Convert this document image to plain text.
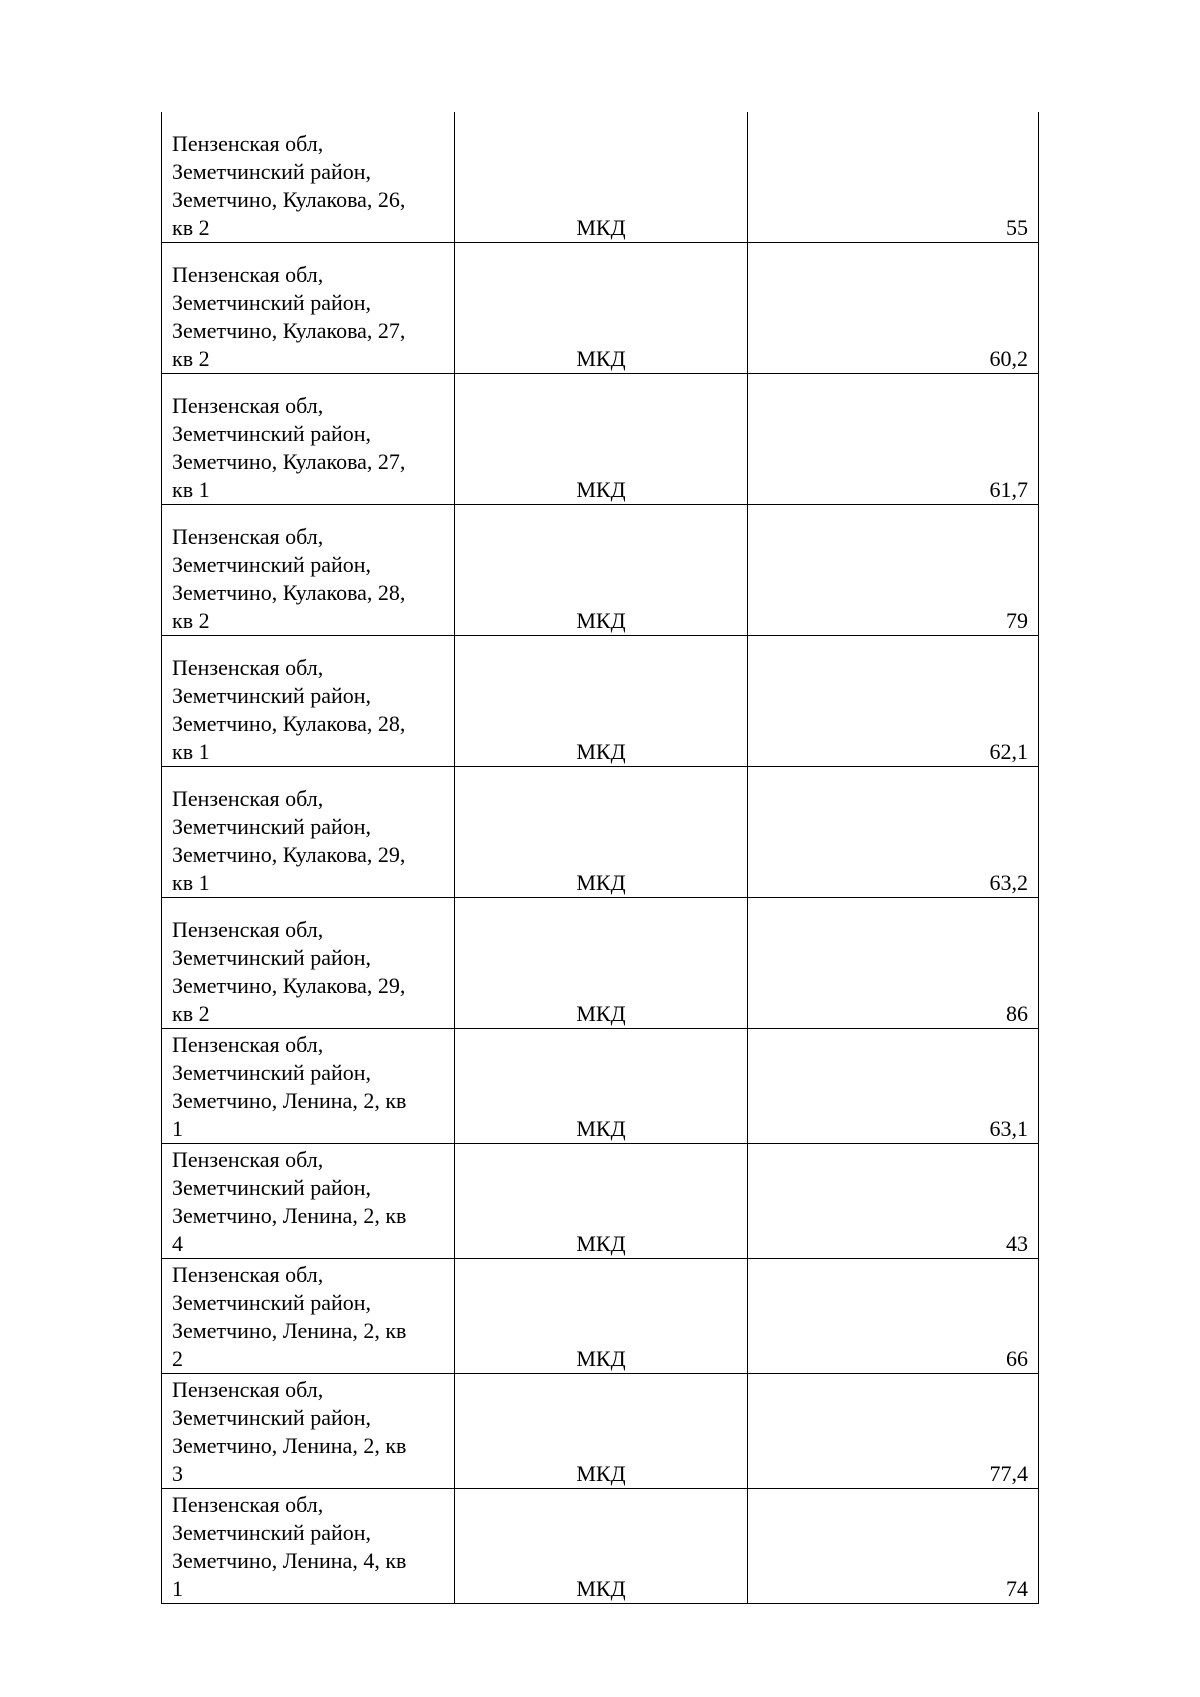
Пензенская обл,
Земетчинский район,
Земетчино, Кулакова, 26,
кв 2	МКД	55
Пензенская обл,
Земетчинский район,
Земетчино, Кулакова, 27,
кв 2	МКД	60,2
Пензенская обл,
Земетчинский район,
Земетчино, Кулакова, 27,
кв 1	МКД	61,7
Пензенская обл,
Земетчинский район,
Земетчино, Кулакова, 28,
кв 2	МКД	79
Пензенская обл,
Земетчинский район,
Земетчино, Кулакова, 28,
кв 1	МКД	62,1
Пензенская обл,
Земетчинский район,
Земетчино, Кулакова, 29,
кв 1	МКД	63,2
Пензенская обл,
Земетчинский район,
Земетчино, Кулакова, 29,
кв 2	МКД	86
Пензенская обл,
Земетчинский район,
Земетчино, Ленина, 2, кв
1	МКД	63,1
Пензенская обл,
Земетчинский район,
Земетчино, Ленина, 2, кв
4	МКД	43
Пензенская обл,
Земетчинский район,
Земетчино, Ленина, 2, кв
2	МКД	66
Пензенская обл,
Земетчинский район,
Земетчино, Ленина, 2, кв
3	МКД	77,4
Пензенская обл,
Земетчинский район,
Земетчино, Ленина, 4, кв
1	МКД	74
